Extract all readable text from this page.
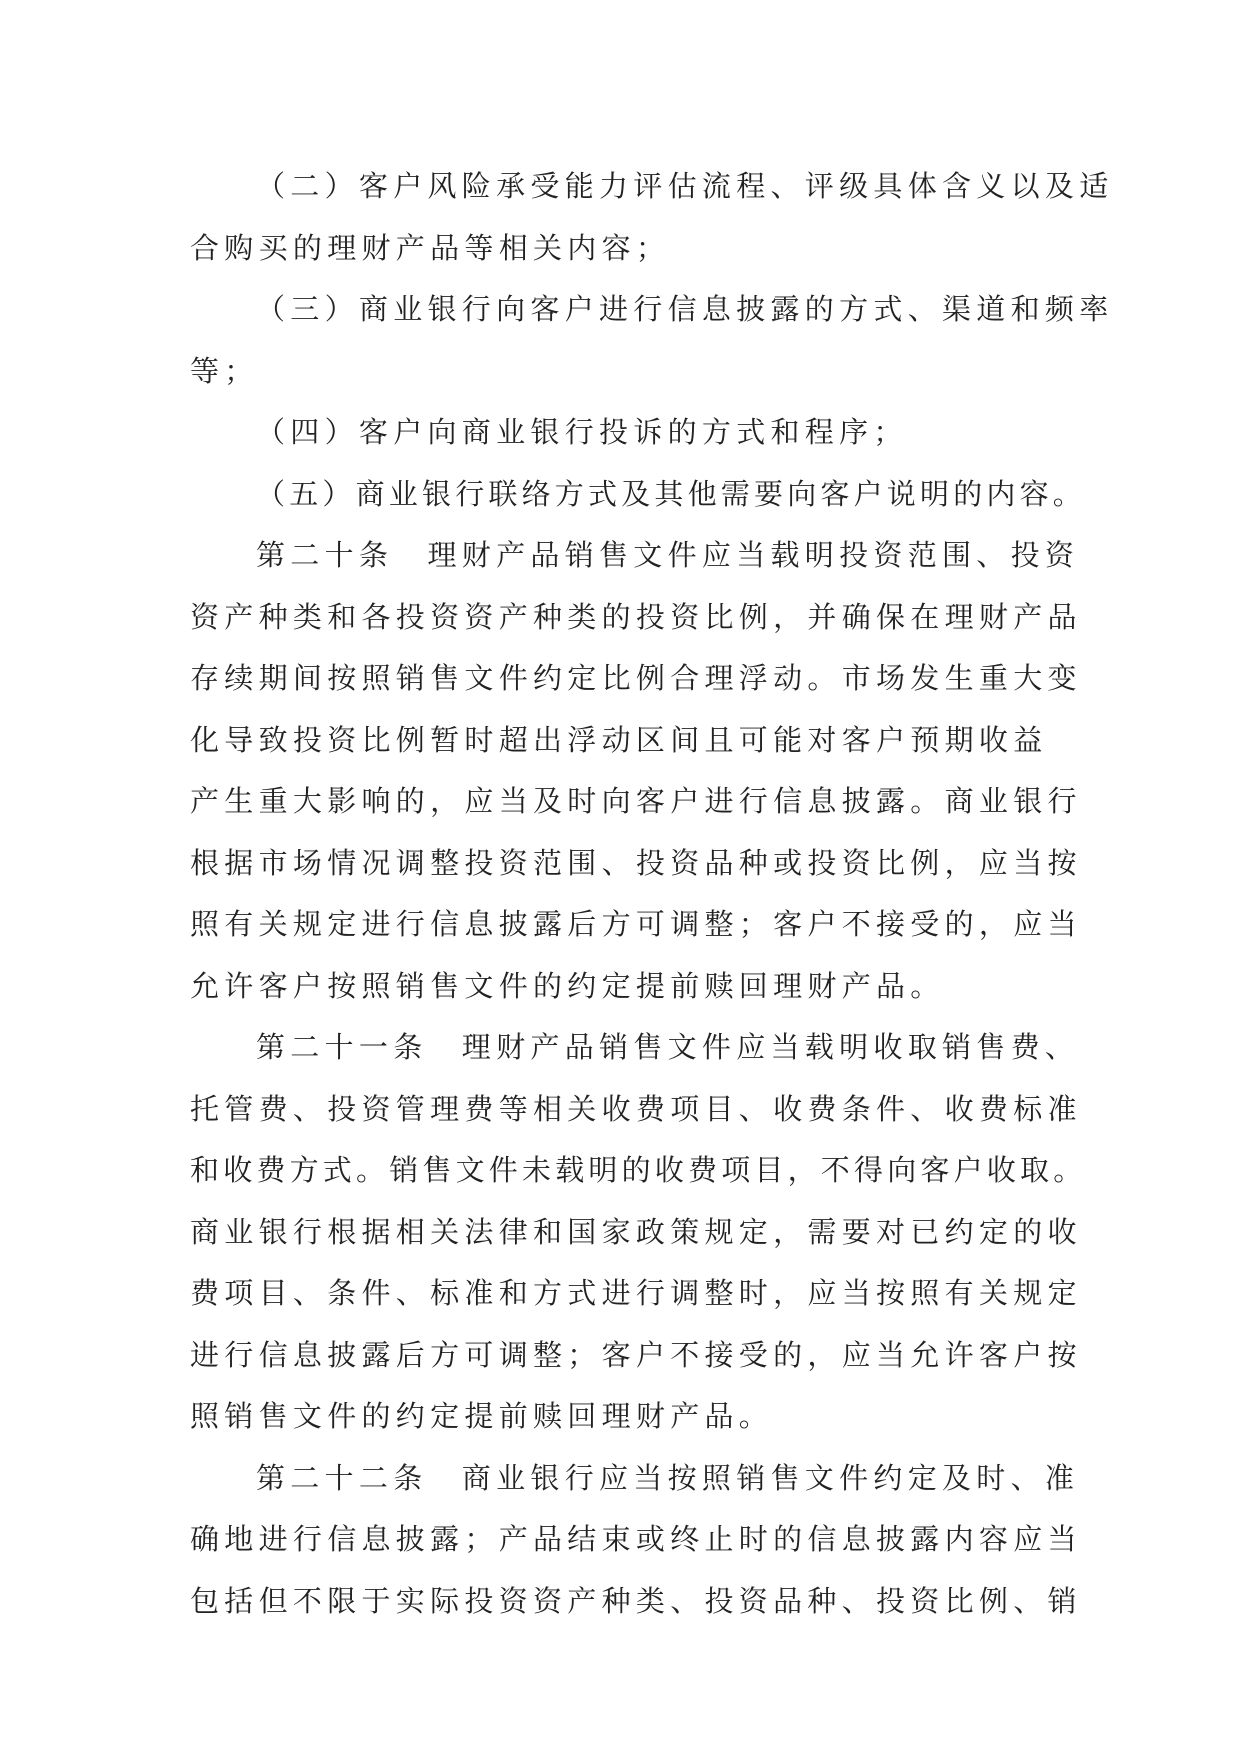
（二）客户风险承受能力评估流程、评级具体含义以及适
合购买的理财产品等相关内容；
（三）商业银行向客户进行信息披露的方式、渠道和频率
等；
（四）客户向商业银行投诉的方式和程序；
（五）商业银行联络方式及其他需要向客户说明的内容。
第二十条　理财产品销售文件应当载明投资范围、投资
资产种类和各投资资产种类的投资比例，并确保在理财产品
存续期间按照销售文件约定比例合理浮动。市场发生重大变
化导致投资比例暂时超出浮动区间且可能对客户预期收益
产生重大影响的，应当及时向客户进行信息披露。商业银行
根据市场情况调整投资范围、投资品种或投资比例，应当按
照有关规定进行信息披露后方可调整；客户不接受的，应当
允许客户按照销售文件的约定提前赎回理财产品。
第二十一条　理财产品销售文件应当载明收取销售费、
托管费、投资管理费等相关收费项目、收费条件、收费标准
和收费方式。销售文件未载明的收费项目，不得向客户收取。
商业银行根据相关法律和国家政策规定，需要对已约定的收
费项目、条件、标准和方式进行调整时，应当按照有关规定
进行信息披露后方可调整；客户不接受的，应当允许客户按
照销售文件的约定提前赎回理财产品。
第二十二条　商业银行应当按照销售文件约定及时、准
确地进行信息披露；产品结束或终止时的信息披露内容应当
包括但不限于实际投资资产种类、投资品种、投资比例、销
